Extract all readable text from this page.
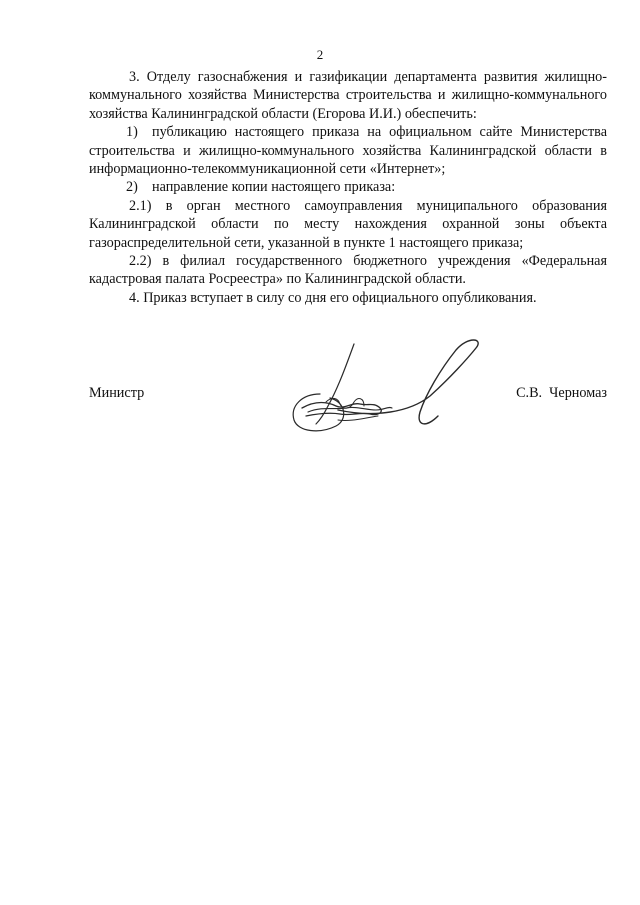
2

3. Отделу газоснабжения и газификации департамента развития жилищно-коммунального хозяйства Министерства строительства и жилищно-коммунального хозяйства Калининградской области (Егорова И.И.) обеспечить:

1) публикацию настоящего приказа на официальном сайте Министерства строительства и жилищно-коммунального хозяйства Калининградской области в информационно-телекоммуникационной сети «Интернет»;

2) направление копии настоящего приказа:

2.1) в орган местного самоуправления муниципального образования Калининградской области по месту нахождения охранной зоны объекта газораспределительной сети, указанной в пункте 1 настоящего приказа;

2.2) в филиал государственного бюджетного учреждения «Федеральная кадастровая палата Росреестра» по Калининградской области.

4. Приказ вступает в силу со дня его официального опубликования.

Министр	С.В.  Черномаз
